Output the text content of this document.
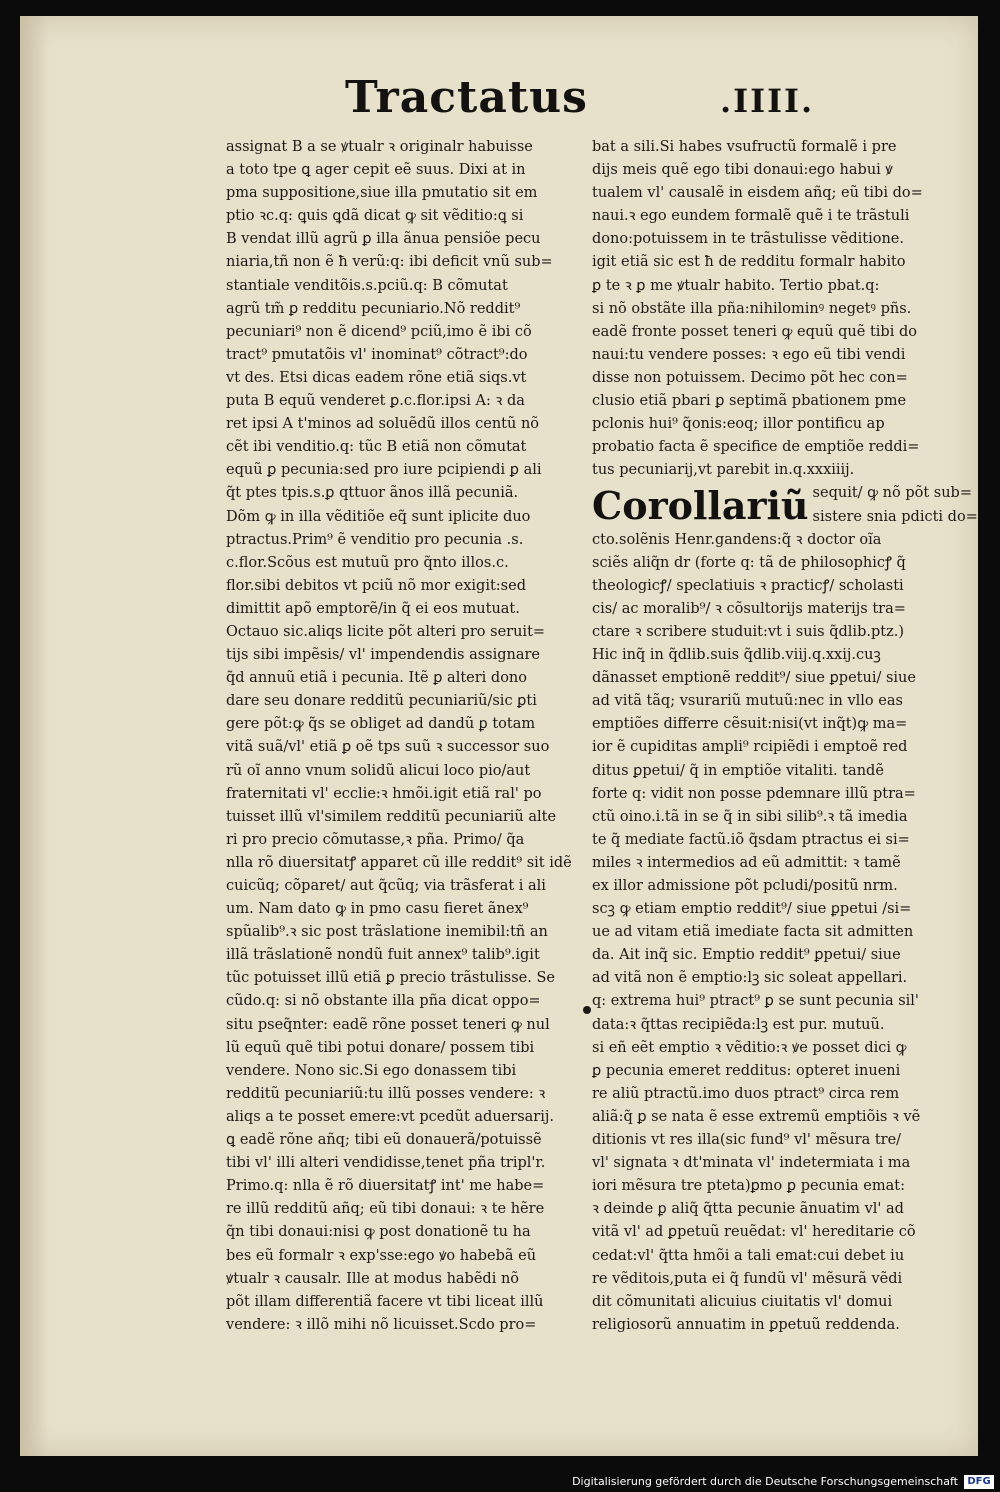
Tractatus	.IIII.
assignat B a se ꝟtualr ꝛ originalr habuisse
a toto tpe ꝗ ager cepit eẽ suus. Dixi at in
pma suppositione,siue illa pmutatio sit em
ptio ꝛc.q: ꝗuis ꝗdã dicat ꝙ sit vẽditio:ꝗ si
B vendat illũ agrũ ꝑ illa ãnua pensiõe pecu
niaria,tñ non ẽ ħ verũ:q: ibi deficit vnũ sub=
stantiale venditõis.s.pciũ.q: B cõmutat
agrũ tm̃ ꝑ redditu pecuniario.Nõ reddit⁹
pecuniari⁹ non ẽ dicend⁹ pciũ,imo ẽ ibi cõ
tract⁹ pmutatõis vl' inominat⁹ cõtract⁹:do
vt des. Etsi dicas eadem rõne etiã siqs.vt
puta B equũ venderet ꝑ.c.flor.ipsi A: ꝛ da
ret ipsi A t'minos ad soluẽdũ illos centũ nõ
cẽt ibi venditio.q: tũc B etiã non cõmutat
equũ ꝑ pecunia:sed pro iure pcipiendi ꝑ ali
q̃t ptes tpis.s.ꝑ qttuor ãnos illã pecuniã.
Dõm ꝙ in illa vẽditiõe eq̃ sunt iplicite duo
ptractus.Prim⁹ ẽ venditio pro pecunia .s.
c.flor.Scõus est mutuũ pro q̃nto illos.c.
flor.sibi debitos vt pciũ nõ mor exigit:sed
dimittit apõ emptorẽ/in q̃ ei eos mutuat.
Octauo sic.aliqs licite põt alteri pro seruit=
tijs sibi impẽsis/ vl' impendendis assignare
q̃d annuũ etiã i pecunia. Itẽ ꝑ alteri dono
dare seu donare redditũ pecuniariũ/sic ꝑti
gere põt:ꝙ q̃s se obliget ad dandũ ꝑ totam
vitã suã/vl' etiã ꝑ oẽ tps suũ ꝛ successor suo
rũ oĩ anno vnum solidũ alicui loco pio/aut
fraternitati vl' ecclie:ꝛ hmõi.igit etiã ral' po
tuisset illũ vl'similem redditũ pecuniariũ alte
ri pro precio cõmutasse,ꝛ pña. Primo/ q̃a
nlla rõ diuersitatꝭ apparet cũ ille reddit⁹ sit idẽ
cuicũq; cõparet/ aut q̃cũq; via trãsferat i ali
um. Nam dato ꝙ in pmo casu fieret ãnex⁹
spũalib⁹.ꝛ sic post trãslatione inemibil:tñ an
illã trãslationẽ nondũ fuit annex⁹ talib⁹.igit
tũc potuisset illũ etiã ꝑ precio trãstulisse. Se
cũdo.q: si nõ obstante illa pña dicat oppo=
situ pseq̃nter: eadẽ rõne posset teneri ꝙ nul
lũ equũ quẽ tibi potui donare/ possem tibi
vendere. Nono sic.Si ego donassem tibi
redditũ pecuniariũ:tu illũ posses vendere: ꝛ
aliqs a te posset emere:vt pcedũt aduersarij.
ꝗ eadẽ rõne añq; tibi eũ donauerã/potuissẽ
tibi vl' illi alteri vendidisse,tenet pña tripl'r.
Primo.q: nlla ẽ rõ diuersitatꝭ int' me habe=
re illũ redditũ añq; eũ tibi donaui: ꝛ te hẽre
q̃n tibi donaui:nisi ꝙ post donationẽ tu ha
bes eũ formalr ꝛ exp'sse:ego ꝟo habebã eũ
ꝟtualr ꝛ causalr. Ille at modus habẽdi nõ
põt illam differentiã facere vt tibi liceat illũ
vendere: ꝛ illõ mihi nõ licuisset.Scdo pro=
bat a sili.Si habes vsufructũ formalẽ i pre
dijs meis quẽ ego tibi donaui:ego habui ꝟ
tualem vl' causalẽ in eisdem añq; eũ tibi do=
naui.ꝛ ego eundem formalẽ quẽ i te trãstuli
dono:potuissem in te trãstulisse vẽditione.
igit etiã sic est ħ de redditu formalr habito
ꝑ te ꝛ ꝑ me ꝟtualr habito. Tertio pbat.q:
si nõ obstãte illa pña:nihilominꝰ negetꝰ pñs.
eadẽ fronte posset teneri ꝙ equũ quẽ tibi do
naui:tu vendere posses: ꝛ ego eũ tibi vendi
disse non potuissem. Decimo põt hec con=
clusio etiã pbari ꝑ septimã pbationem pme
pclonis hui⁹ q̃onis:eoq; illor pontificu ap
probatio facta ẽ specifice de emptiõe reddi=
tus pecuniarij,vt parebit in.q.xxxiiij.
Corollariũ sequit/ ꝙ nõ põt sub=
sistere snia pdicti do=
cto.solẽnis Henr.gandens:q̃ ꝛ doctor oĩa
sciẽs aliq̃n dr (forte q: tã de philosophicꝭ q̃
theologicꝭ/ speclatiuis ꝛ practicꝭ/ scholasti
cis/ ac moralib⁹/ ꝛ cõsultorijs materijs tra=
ctare ꝛ scribere studuit:vt i suis q̃dlib.ptz.)
Hic inq̃ in q̃dlib.suis q̃dlib.viij.q.xxij.cuꝫ
dãnasset emptionẽ reddit⁹/ siue ꝑpetui/ siue
ad vitã tãq; vsurariũ mutuũ:nec in vllo eas
emptiões differre cẽsuit:nisi(vt inq̃t)ꝙ ma=
ior ẽ cupiditas ampli⁹ rcipiẽdi i emptoẽ red
ditus ꝑpetui/ q̃ in emptiõe vitaliti. tandẽ
forte q: vidit non posse pdemnare illũ ptra=
ctũ oino.i.tã in se q̃ in sibi silib⁹.ꝛ tã imedia
te q̃ mediate factũ.iõ q̃sdam ptractus ei si=
miles ꝛ intermedios ad eũ admittit: ꝛ tamẽ
ex illor admissione põt pcludi/positũ nrm.
scꝫ ꝙ etiam emptio reddit⁹/ siue ꝑpetui /si=
ue ad vitam etiã imediate facta sit admitten
da. Ait inq̃ sic. Emptio reddit⁹ ꝑpetui/ siue
ad vitã non ẽ emptio:lꝫ sic soleat appellari.
q: extrema hui⁹ ptract⁹ ꝑ se sunt pecunia sil'
data:ꝛ q̃ttas recipiẽda:lꝫ est pur. mutuũ.
si eñ eẽt emptio ꝛ vẽditio:ꝛ ꝟe posset dici ꝙ
ꝑ pecunia emeret redditus: opteret inueni
re aliũ ptractũ.imo duos ptract⁹ circa rem
aliã:q̃ ꝑ se nata ẽ esse extremũ emptiõis ꝛ vẽ
ditionis vt res illa(sic fund⁹ vl' mẽsura tre/
vl' signata ꝛ dt'minata vl' indetermiata i ma
iori mẽsura tre pteta)ꝑmo ꝑ pecunia emat:
ꝛ deinde ꝑ aliq̃ q̃tta pecunie ãnuatim vl' ad
vitã vl' ad ꝑpetuũ reuẽdat: vl' hereditarie cõ
cedat:vl' q̃tta hmõi a tali emat:cui debet iu
re vẽditois,puta ei q̃ fundũ vl' mẽsurã vẽdi
dit cõmunitati alicuius ciuitatis vl' domui
religiosorũ annuatim in ꝑpetuũ reddenda.
Digitalisierung gefördert durch die Deutsche Forschungsgemeinschaft DFG
